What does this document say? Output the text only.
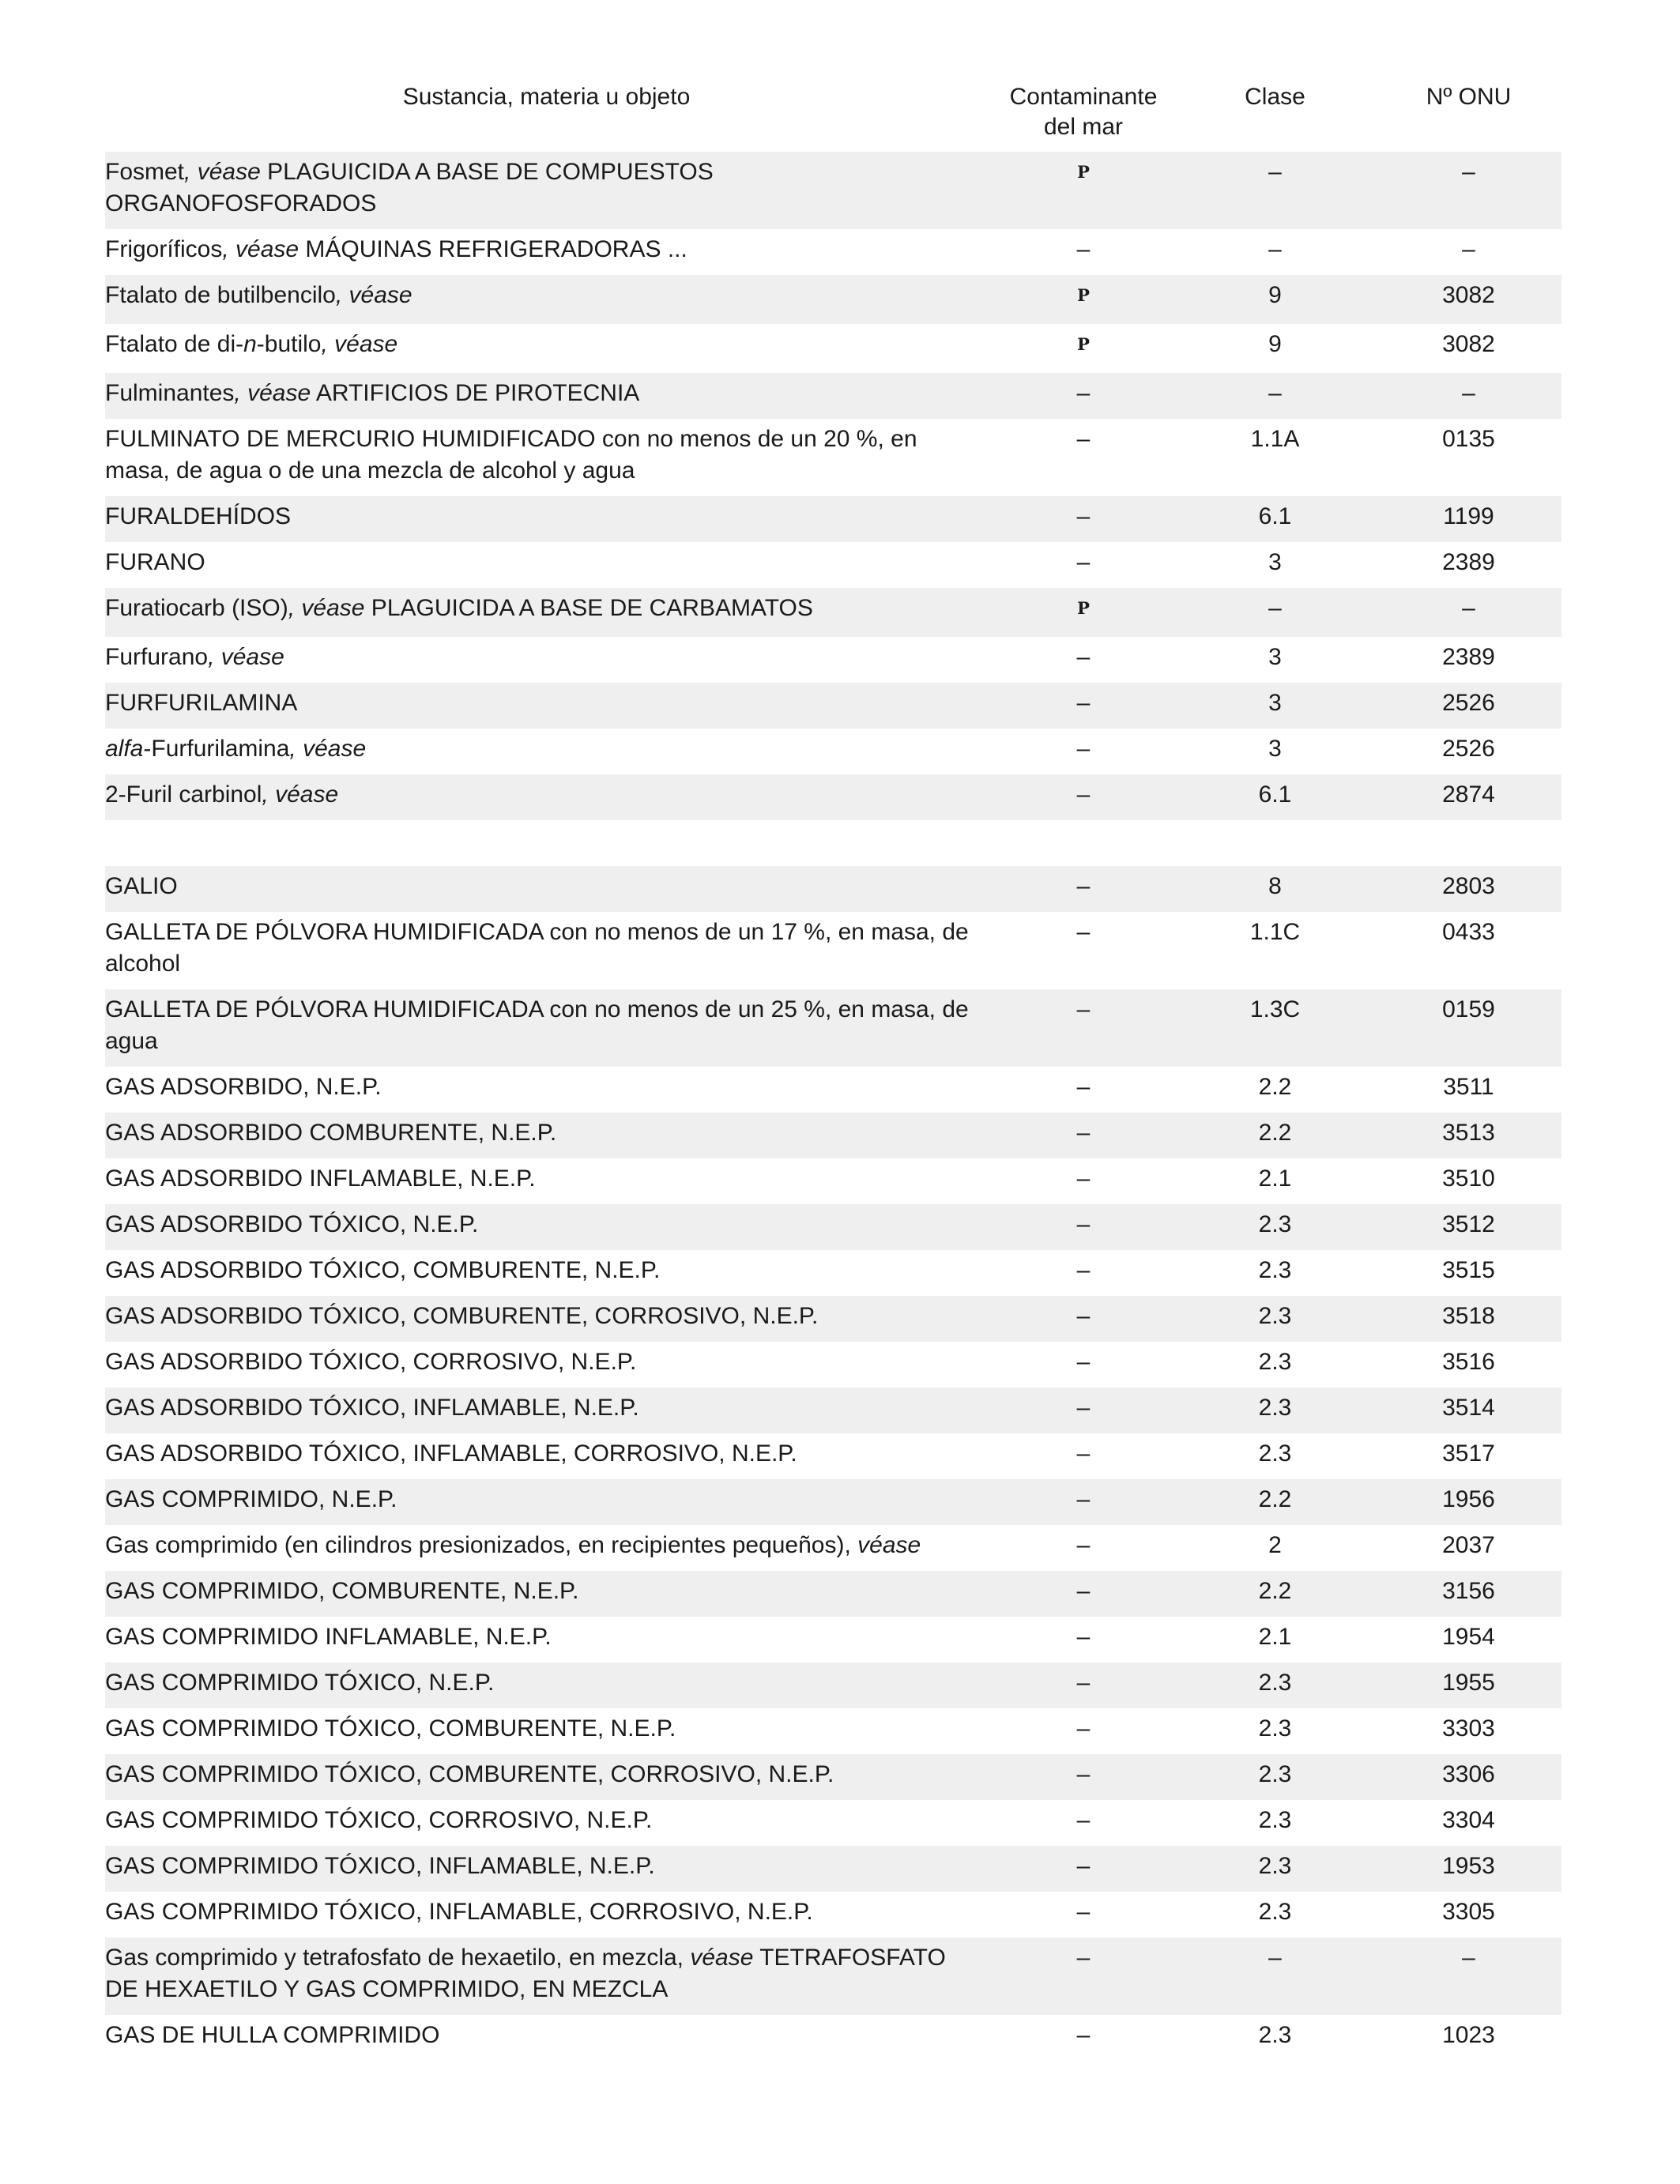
Sustancia, materia u objeto	Contaminante del mar	Clase	Nº ONU
Fosmet, véase PLAGUICIDA A BASE DE COMPUESTOS ORGANOFOSFORADOS	$^P$	–	–
Frigoríficos, véase MÁQUINAS REFRIGERADORAS ...	–	–	–
Ftalato de butilbencilo, véase	$^P$	9	3082
Ftalato de di-n-butilo, véase	$^P$	9	3082
Fulminantes, véase ARTIFICIOS DE PIROTECNIA	–	–	–
FULMINATO DE MERCURIO HUMIDIFICADO con no menos de un 20 %, en masa, de agua o de una mezcla de alcohol y agua	–	1.1A	0135
FURALDEHÍDOS	–	6.1	1199
FURANO	–	3	2389
Furatiocarb (ISO), véase PLAGUICIDA A BASE DE CARBAMATOS	$^P$	–	–
Furfurano, véase	–	3	2389
FURFURILAMINA	–	3	2526
alfa-Furfurilamina, véase	–	3	2526
2-Furil carbinol, véase	–	6.1	2874

GALIO	–	8	2803
GALLETA DE PÓLVORA HUMIDIFICADA con no menos de un 17 %, en masa, de alcohol	–	1.1C	0433
GALLETA DE PÓLVORA HUMIDIFICADA con no menos de un 25 %, en masa, de agua	–	1.3C	0159
GAS ADSORBIDO, N.E.P.	–	2.2	3511
GAS ADSORBIDO COMBURENTE, N.E.P.	–	2.2	3513
GAS ADSORBIDO INFLAMABLE, N.E.P.	–	2.1	3510
GAS ADSORBIDO TÓXICO, N.E.P.	–	2.3	3512
GAS ADSORBIDO TÓXICO, COMBURENTE, N.E.P.	–	2.3	3515
GAS ADSORBIDO TÓXICO, COMBURENTE, CORROSIVO, N.E.P.	–	2.3	3518
GAS ADSORBIDO TÓXICO, CORROSIVO, N.E.P.	–	2.3	3516
GAS ADSORBIDO TÓXICO, INFLAMABLE, N.E.P.	–	2.3	3514
GAS ADSORBIDO TÓXICO, INFLAMABLE, CORROSIVO, N.E.P.	–	2.3	3517
GAS COMPRIMIDO, N.E.P.	–	2.2	1956
Gas comprimido (en cilindros presionizados, en recipientes pequeños), véase	–	2	2037
GAS COMPRIMIDO, COMBURENTE, N.E.P.	–	2.2	3156
GAS COMPRIMIDO INFLAMABLE, N.E.P.	–	2.1	1954
GAS COMPRIMIDO TÓXICO, N.E.P.	–	2.3	1955
GAS COMPRIMIDO TÓXICO, COMBURENTE, N.E.P.	–	2.3	3303
GAS COMPRIMIDO TÓXICO, COMBURENTE, CORROSIVO, N.E.P.	–	2.3	3306
GAS COMPRIMIDO TÓXICO, CORROSIVO, N.E.P.	–	2.3	3304
GAS COMPRIMIDO TÓXICO, INFLAMABLE, N.E.P.	–	2.3	1953
GAS COMPRIMIDO TÓXICO, INFLAMABLE, CORROSIVO, N.E.P.	–	2.3	3305
Gas comprimido y tetrafosfato de hexaetilo, en mezcla, véase TETRAFOSFATO DE HEXAETILO Y GAS COMPRIMIDO, EN MEZCLA	–	–	–
GAS DE HULLA COMPRIMIDO	–	2.3	1023
